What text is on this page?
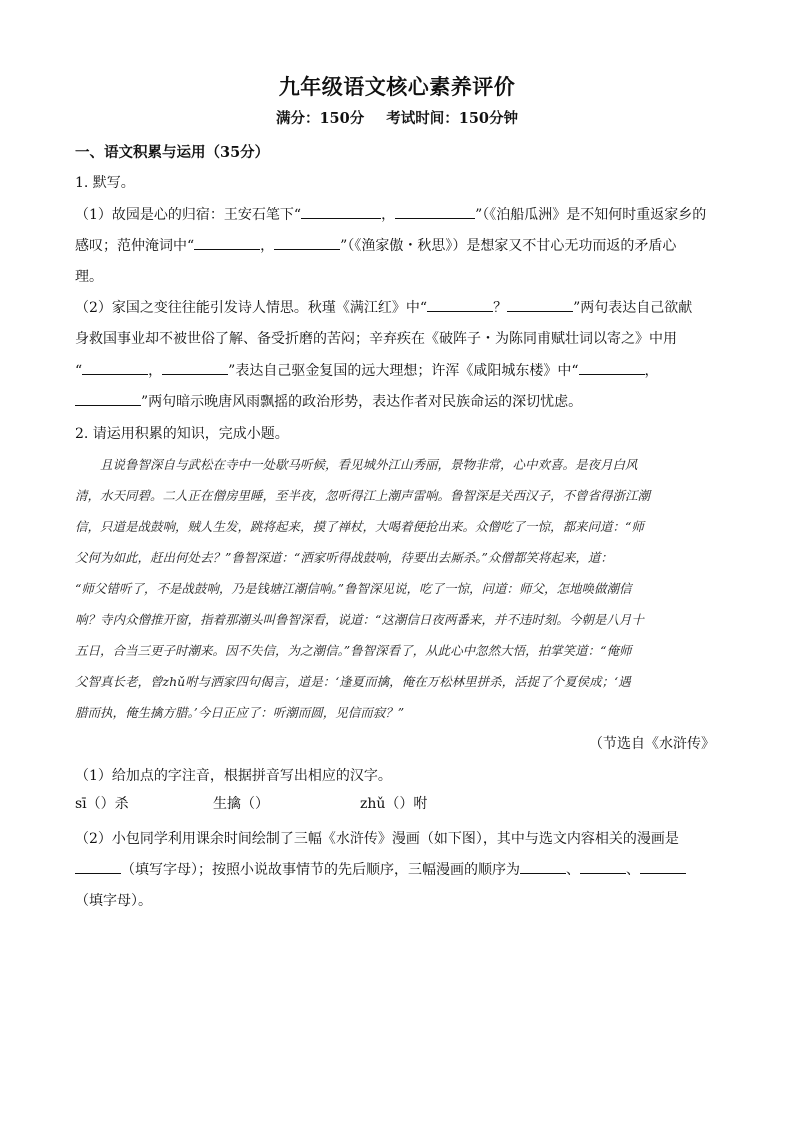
九年级语文核心素养评价
满分：150分 考试时间：150分钟
一、语文积累与运用（35分）
1. 默写。
（1）故园是心的归宿：王安石笔下“	，	”（《泊船瓜洲》是不知何时重返家乡的
感叹；范仲淹词中“	，	”（《渔家傲・秋思》）是想家又不甘心无功而返的矛盾心
理。
（2）家国之变往往能引发诗人情思。秋瑾《满江红》中“	？	”两句表达自己欲献
身救国事业却不被世俗了解、备受折磨的苦闷；辛弃疾在《破阵子・为陈同甫赋壮词以寄之》中用
“	，	”表达自己驱金复国的远大理想；许浑《咸阳城东楼》中“	，
”两句暗示晚唐风雨飘摇的政治形势，表达作者对民族命运的深切忧虑。
2. 请运用积累的知识，完成小题。
且说鲁智深自与武松在寺中一处歇马听候，看见城外江山秀丽，景物非常，心中欢喜。是夜月白风
清，水天同碧。二人正在僧房里睡，至半夜，忽听得江上潮声雷响。鲁智深是关西汉子，不曾省得浙江潮
信，只道是战鼓响，贼人生发，跳将起来，摸了禅杖，大喝着便抢出来。众僧吃了一惊，都来问道：“师
父何为如此，赶出何处去？”鲁智深道：“洒家听得战鼓响，待要出去厮杀。”众僧都笑将起来，道：
“师父错听了，不是战鼓响，乃是钱塘江潮信响。”鲁智深见说，吃了一惊，问道：师父，怎地唤做潮信
响？寺内众僧推开窗，指着那潮头叫鲁智深看，说道：“这潮信日夜两番来，并不违时刻。今朝是八月十
五日，合当三更子时潮来。因不失信，为之潮信。”鲁智深看了，从此心中忽然大悟，拍掌笑道：“俺师
父智真长老，曾zhǔ咐与洒家四句偈言，道是：‘逢夏而擒，俺在万松林里拼杀，活捉了个夏侯成；‘遇
腊而执，俺生擒方腊。’今日正应了：听潮而圆，见信而寂？”
（节选自《水浒传》
（1）给加点的字注音，根据拼音写出相应的汉字。
sī（
）杀	生擒（
）	zhǔ（
）咐
（2）小包同学利用课余时间绘制了三幅《水浒传》漫画（如下图），其中与选文内容相关的漫画是
（填写字母）；按照小说故事情节的先后顺序，三幅漫画的顺序为	、	、
（填字母）。
